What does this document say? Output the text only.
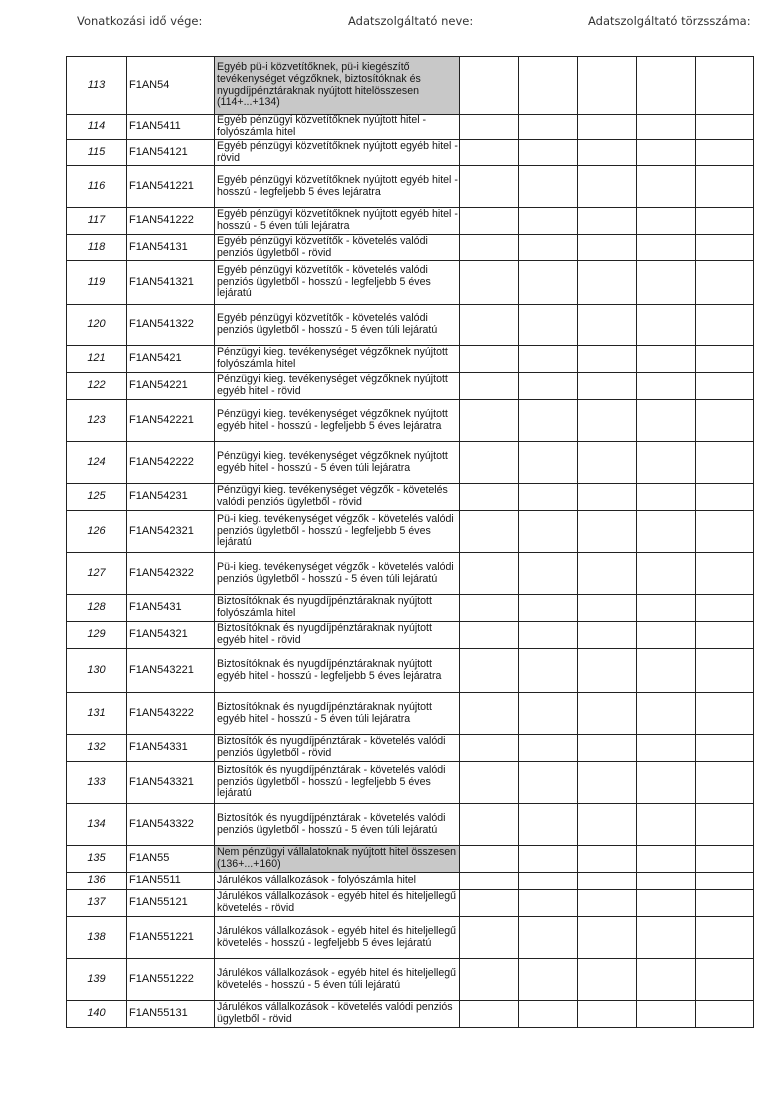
Vonatkozási idő vége:	Adatszolgáltató neve:	Adatszolgáltató törzsszáma:
113	F1AN54	Egyéb pü-i közvetítőknek, pü-i kiegészítő tevékenységet végzőknek, biztosítóknak és nyugdíjpénztáraknak nyújtott hitelösszesen (114+...+134)					
114	F1AN5411	Egyéb pénzügyi közvetítőknek nyújtott hitel - folyószámla hitel					
115	F1AN54121	Egyéb pénzügyi közvetítőknek nyújtott egyéb hitel - rövid					
116	F1AN541221	Egyéb pénzügyi közvetítőknek nyújtott egyéb hitel - hosszú - legfeljebb 5 éves lejáratra					
117	F1AN541222	Egyéb pénzügyi közvetítőknek nyújtott egyéb hitel - hosszú - 5 éven túli lejáratra					
118	F1AN54131	Egyéb pénzügyi közvetítők - követelés valódi penziós ügyletből - rövid					
119	F1AN541321	Egyéb pénzügyi közvetítők - követelés valódi penziós ügyletből - hosszú - legfeljebb 5 éves lejáratú					
120	F1AN541322	Egyéb pénzügyi közvetítők - követelés valódi penziós ügyletből - hosszú - 5 éven túli lejáratú					
121	F1AN5421	Pénzügyi kieg. tevékenységet végzőknek nyújtott folyószámla hitel					
122	F1AN54221	Pénzügyi kieg. tevékenységet végzőknek nyújtott egyéb hitel - rövid					
123	F1AN542221	Pénzügyi kieg. tevékenységet végzőknek nyújtott egyéb hitel - hosszú - legfeljebb 5 éves lejáratra					
124	F1AN542222	Pénzügyi kieg. tevékenységet végzőknek nyújtott egyéb hitel - hosszú - 5 éven túli lejáratra					
125	F1AN54231	Pénzügyi kieg. tevékenységet végzők - követelés valódi penziós ügyletből - rövid					
126	F1AN542321	Pü-i kieg. tevékenységet végzők - követelés valódi penziós ügyletből - hosszú - legfeljebb 5 éves lejáratú					
127	F1AN542322	Pü-i kieg. tevékenységet végzők - követelés valódi penziós ügyletből - hosszú - 5 éven túli lejáratú					
128	F1AN5431	Biztosítóknak és nyugdíjpénztáraknak nyújtott folyószámla hitel					
129	F1AN54321	Biztosítóknak és nyugdíjpénztáraknak nyújtott egyéb hitel - rövid					
130	F1AN543221	Biztosítóknak és nyugdíjpénztáraknak nyújtott egyéb hitel - hosszú - legfeljebb 5 éves lejáratra					
131	F1AN543222	Biztosítóknak és nyugdíjpénztáraknak nyújtott egyéb hitel - hosszú - 5 éven túli lejáratra					
132	F1AN54331	Biztosítók és nyugdíjpénztárak - követelés valódi penziós ügyletből - rövid					
133	F1AN543321	Biztosítók és nyugdíjpénztárak - követelés valódi penziós ügyletből - hosszú - legfeljebb 5 éves lejáratú					
134	F1AN543322	Biztosítók és nyugdíjpénztárak - követelés valódi penziós ügyletből - hosszú - 5 éven túli lejáratú					
135	F1AN55	Nem pénzügyi vállalatoknak nyújtott hitel összesen (136+...+160)					
136	F1AN5511	Járulékos vállalkozások - folyószámla hitel					
137	F1AN55121	Járulékos vállalkozások - egyéb hitel és hiteljellegű követelés - rövid					
138	F1AN551221	Járulékos vállalkozások - egyéb hitel és hiteljellegű követelés - hosszú - legfeljebb 5 éves lejáratú					
139	F1AN551222	Járulékos vállalkozások - egyéb hitel és hiteljellegű követelés - hosszú - 5 éven túli lejáratú					
140	F1AN55131	Járulékos vállalkozások - követelés valódi penziós ügyletből - rövid					
